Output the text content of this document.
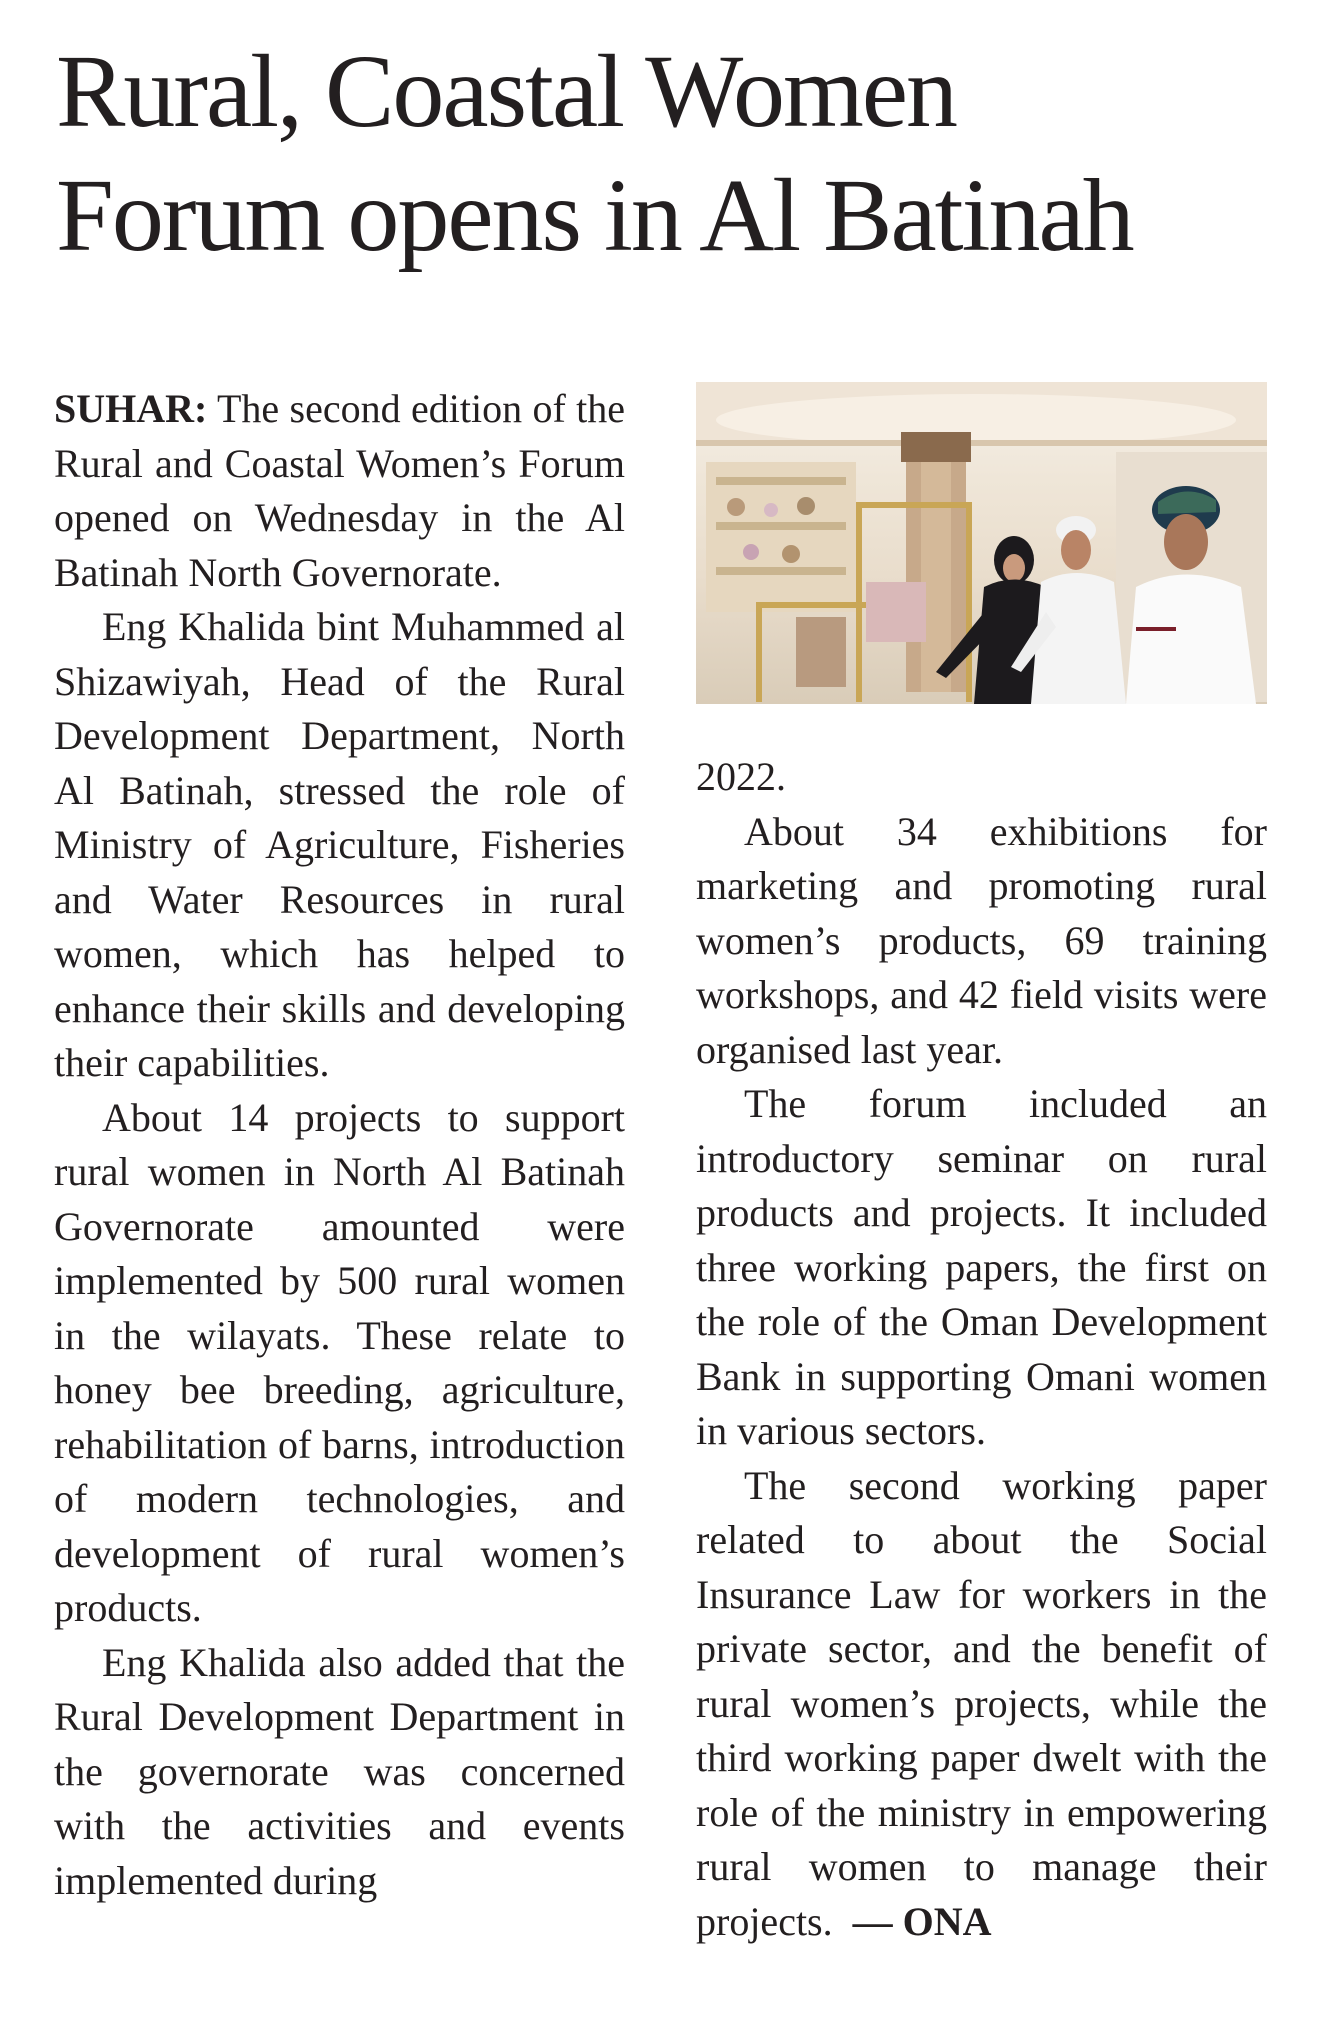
Rural, Coastal Women
Forum opens in Al Batinah

SUHAR: The second edition of the Rural and Coastal Women’s Forum opened on Wednesday in the Al Batinah North Governorate.

Eng Khalida bint Muhammed al Shizawiyah, Head of the Rural Development Department, North Al Batinah, stressed the role of Ministry of Agriculture, Fisheries and Water Resources in rural women, which has helped to enhance their skills and developing their capabilities.

About 14 projects to support rural women in North Al Batinah Governorate amounted were implemented by 500 rural women in the wilayats. These relate to honey bee breeding, agriculture, rehabilitation of barns, introduction of modern technologies, and development of rural women’s products.

Eng Khalida also added that the Rural Development Department in the governorate was concerned with the activities and events implemented during

2022.

About 34 exhibitions for marketing and promoting rural women’s products, 69 training workshops, and 42 field visits were organised last year.

The forum included an introductory seminar on rural products and projects. It included three working papers, the first on the role of the Oman Development Bank in supporting Omani women in various sectors.

The second working paper related to about the Social Insurance Law for workers in the private sector, and the benefit of rural women’s projects, while the third working paper dwelt with the role of the ministry in empowering rural women to manage their projects. — ONA
